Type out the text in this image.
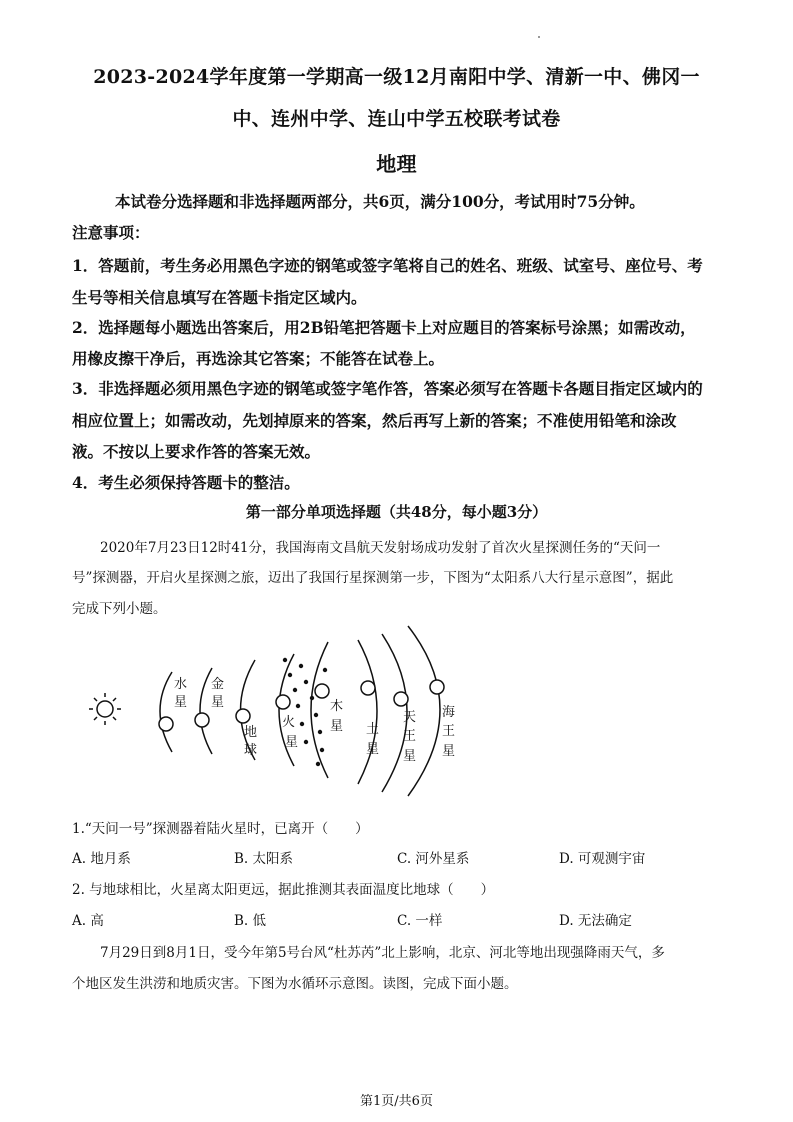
2023-2024学年度第一学期高一级12月南阳中学、清新一中、佛冈一
中、连州中学、连山中学五校联考试卷
地理
本试卷分选择题和非选择题两部分，共6页，满分100分，考试用时75分钟。
注意事项：
1．答题前，考生务必用黑色字迹的钢笔或签字笔将自己的姓名、班级、试室号、座位号、考
生号等相关信息填写在答题卡指定区域内。
2．选择题每小题选出答案后，用2B铅笔把答题卡上对应题目的答案标号涂黑；如需改动，
用橡皮擦干净后，再选涂其它答案；不能答在试卷上。
3．非选择题必须用黑色字迹的钢笔或签字笔作答，答案必须写在答题卡各题目指定区域内的
相应位置上；如需改动，先划掉原来的答案，然后再写上新的答案；不准使用铅笔和涂改
液。不按以上要求作答的答案无效。
4．考生必须保持答题卡的整洁。
第一部分单项选择题（共48分，每小题3分）
2020年7月23日12时41分，我国海南文昌航天发射场成功发射了首次火星探测任务的“天问一
号”探测器，开启火星探测之旅，迈出了我国行星探测第一步，下图为“太阳系八大行星示意图”，据此
完成下列小题。
水
星
金
星
地
球
火
星
木
星 土
星
天
王
星
海
王
星
1.“天问一号”探测器着陆火星时，已离开（　　）
A. 地月系	B. 太阳系	C. 河外星系	D. 可观测宇宙
2. 与地球相比，火星离太阳更远，据此推测其表面温度比地球（　　）
A. 高	B. 低	C. 一样	D. 无法确定
7月29日到8月1日，受今年第5号台风“杜苏芮”北上影响，北京、河北等地出现强降雨天气，多
个地区发生洪涝和地质灾害。下图为水循环示意图。读图，完成下面小题。
第1页/共6页
